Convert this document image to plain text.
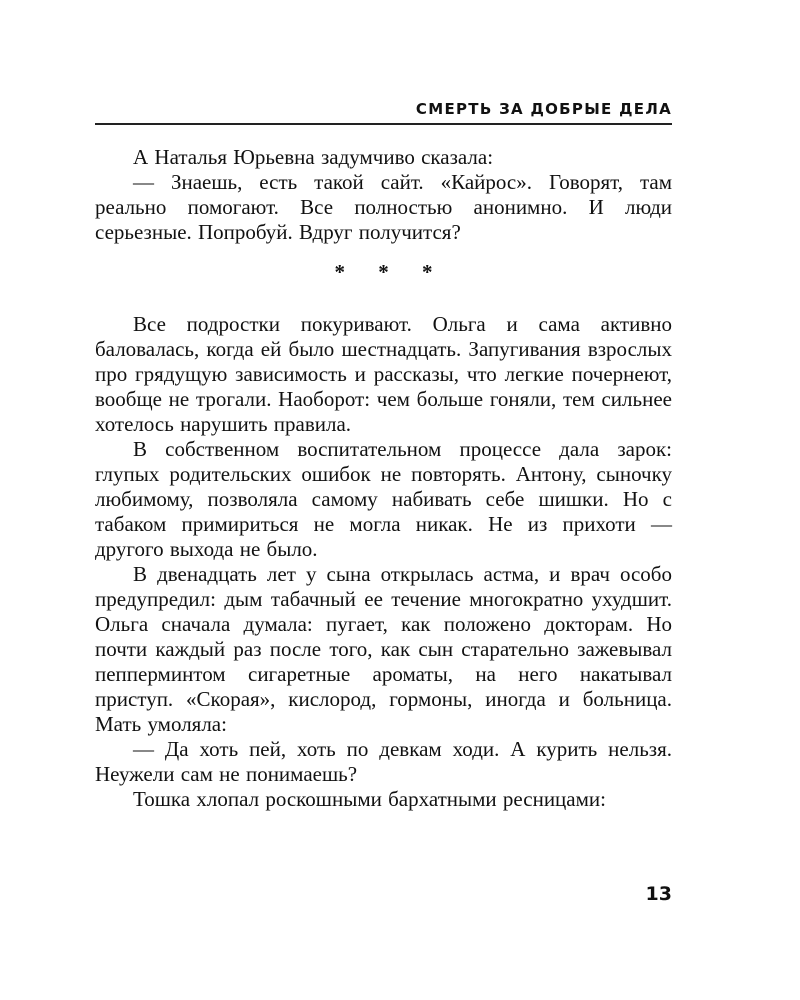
СМЕРТЬ ЗА ДОБРЫЕ ДЕЛА

А Наталья Юрьевна задумчиво сказала:

— Знаешь, есть такой сайт. «Кайрос». Говорят, там реально помогают. Все полностью анонимно. И люди серьезные. Попробуй. Вдруг получится?

* * *

Все подростки покуривают. Ольга и сама активно баловалась, когда ей было шестнадцать. Запугивания взрослых про грядущую зависимость и рассказы, что легкие почернеют, вообще не трогали. Наоборот: чем больше гоняли, тем сильнее хотелось нарушить правила.

В собственном воспитательном процессе дала зарок: глупых родительских ошибок не повторять. Антону, сыночку любимому, позволяла самому набивать себе шишки. Но с табаком примириться не могла никак. Не из прихоти — другого выхода не было.

В двенадцать лет у сына открылась астма, и врач особо предупредил: дым табачный ее течение многократно ухудшит. Ольга сначала думала: пугает, как положено докторам. Но почти каждый раз после того, как сын старательно зажевывал пепперминтом сигаретные ароматы, на него накатывал приступ. «Скорая», кислород, гормоны, иногда и больница. Мать умоляла:

— Да хоть пей, хоть по девкам ходи. А курить нельзя. Неужели сам не понимаешь?

Тошка хлопал роскошными бархатными ресницами:

13
